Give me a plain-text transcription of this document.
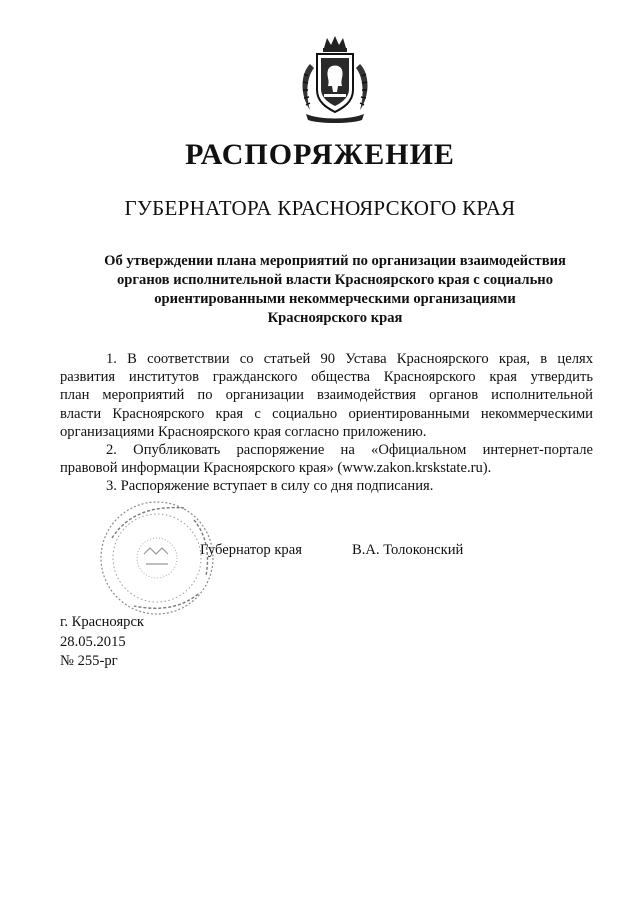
РАСПОРЯЖЕНИЕ
ГУБЕРНАТОРА КРАСНОЯРСКОГО КРАЯ
Об утверждении плана мероприятий по организации взаимодействия
органов исполнительной власти Красноярского края с социально
ориентированными некоммерческими организациями
Красноярского края
1. В соответствии со статьей 90 Устава Красноярского края, в целях
развития институтов гражданского общества Красноярского края утвердить
план мероприятий по организации взаимодействия органов исполнительной
власти Красноярского края с социально ориентированными некоммерческими
организациями Красноярского края согласно приложению.
2. Опубликовать распоряжение на «Официальном интернет-портале
правовой информации Красноярского края» (www.zakon.krskstate.ru).
3. Распоряжение вступает в силу со дня подписания.
Губернатор края	В.А. Толоконский
г. Красноярск
28.05.2015
№ 255-рг
